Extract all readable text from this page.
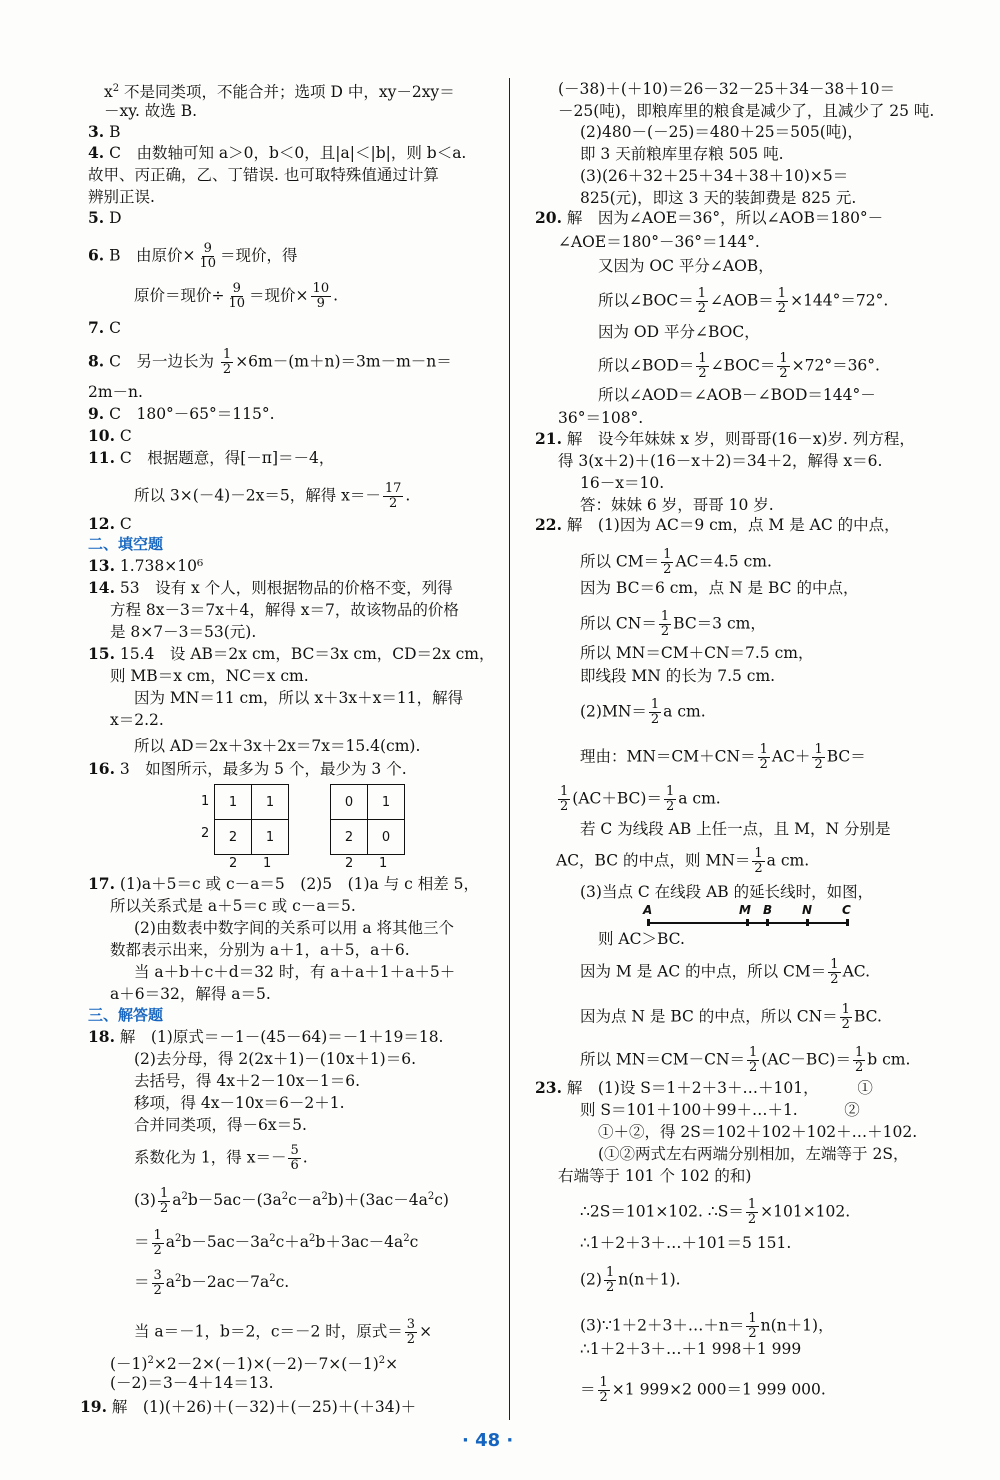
$x^2$ 不是同类项，不能合并；选项 D 中，xy－2xy＝
－xy. 故选 B.
3. B
4. C　由数轴可知 a＞0，b＜0，且|a|＜|b|，则 b＜a.
故甲、丙正确，乙、丁错误. 也可取特殊值通过计算
辨别正误.
5. D
6. B　由原价× $\frac{9}{10}$ ＝现价，得
原价＝现价÷ $\frac{9}{10}$ ＝现价× $\frac{10}{9}$ .
7. C
8. C　另一边长为 $\frac{1}{2} \times 6m-(m+n)=3m-m-n=$
2m－n.
9. C　180°－65°＝115°.
10. C
11. C　根据题意，得[－π]＝－4，
所以 3×(－4)－2x＝5，解得 $x=- \frac{17}{2}$ .
12. C
二、填空题
13. 1.738×10⁶
14. 53　设有 x 个人，则根据物品的价格不变，列得
方程 8x－3＝7x＋4，解得 x＝7，故该物品的价格
是 8×7－3＝53(元).
15. 15.4　设 AB＝2x cm，BC＝3x cm，CD＝2x cm，
则 MB＝x cm，NC＝x cm.
因为 MN＝11 cm，所以 x＋3x＋x＝11，解得
x＝2.2.
所以 AD＝2x＋3x＋2x＝7x＝15.4(cm).
16. 3　如图所示，最多为 5 个，最少为 3 个.
17. (1)a＋5＝c 或 c－a＝5　(2)5　(1)a 与 c 相差 5，
所以关系式是 a＋5＝c 或 c－a＝5.
(2)由数表中数字间的关系可以用 a 将其他三个
数都表示出来，分别为 a＋1，a＋5，a＋6.
当 a＋b＋c＋d＝32 时，有 a＋a＋1＋a＋5＋
a＋6＝32，解得 a＝5.
三、解答题
18. 解　(1)原式＝－1－(45－64)＝－1＋19＝18.
(2)去分母，得 2(2x＋1)－(10x＋1)＝6.
去括号，得 4x＋2－10x－1＝6.
移项，得 4x－10x＝6－2＋1.
合并同类项，得－6x＝5.
系数化为 1，得 $x=- \frac{5}{6}$ .
$(3) \frac{1}{2} a^2b-5ac-(3a^2c-a^2b)+(3ac-4a^2c)$
＝ $\frac{1}{2} a^2b-5ac-3a^2c+a^2b+3ac-4a^2c$
＝ $\frac{3}{2} a^2b-2ac-7a^2c$.
当 a＝－1，b＝2，c＝－2 时，原式＝ $\frac{3}{2}$ ×
$(-1)^2\times 2-2\times(-1)\times(-2)-7\times(-1)^2\times$
(－2)＝3－4＋14＝13.
19. 解　(1)(＋26)＋(－32)＋(－25)＋(＋34)＋
(－38)＋(＋10)＝26－32－25＋34－38＋10＝
－25(吨)，即粮库里的粮食是减少了，且减少了 25 吨.
(2)480－(－25)＝480＋25＝505(吨)，
即 3 天前粮库里存粮 505 吨.
(3)(26＋32＋25＋34＋38＋10)×5＝
825(元)，即这 3 天的装卸费是 825 元.
20. 解　因为∠AOE＝36°，所以∠AOB＝180°－
∠AOE＝180°－36°＝144°.
又因为 OC 平分∠AOB，
所以∠BOC＝ $\frac{1}{2}$ ∠AOB＝ $\frac{1}{2} \times 144^\circ=72^\circ$.
因为 OD 平分∠BOC，
所以∠BOD＝ $\frac{1}{2}$ ∠BOC＝ $\frac{1}{2} \times 72^\circ=36^\circ$.
所以∠AOD＝∠AOB－∠BOD＝144°－
36°＝108°.
21. 解　设今年妹妹 x 岁，则哥哥(16－x)岁. 列方程，
得 3(x＋2)＋(16－x＋2)＝34＋2，解得 x＝6.
16－x＝10.
答：妹妹 6 岁，哥哥 10 岁.
22. 解　(1)因为 AC＝9 cm，点 M 是 AC 的中点，
所以 $CM= \frac{1}{2} AC=4.5$ cm.
因为 BC＝6 cm，点 N 是 BC 的中点，
所以 $CN= \frac{1}{2} BC=3$ cm，
所以 MN＝CM＋CN＝7.5 cm，
即线段 MN 的长为 7.5 cm.
$(2)MN= \frac{1}{2}$ a cm.
理由：$MN=CM+CN= \frac{1}{2} AC+ \frac{1}{2} BC=$
$\frac{1}{2} (AC+BC)= \frac{1}{2}$ a cm.
若 C 为线段 AB 上任一点，且 M，N 分别是
AC，BC 的中点，则 $MN= \frac{1}{2}$ a cm.
(3)当点 C 在线段 AB 的延长线时，如图，
则 AC＞BC.
因为 M 是 AC 的中点，所以 $CM= \frac{1}{2}$ AC.
因为点 N 是 BC 的中点，所以 $CN= \frac{1}{2}$ BC.
所以 $MN=CM-CN= \frac{1}{2} (AC-BC)= \frac{1}{2}$ b cm.
23. 解　(1)设 S＝1＋2＋3＋…＋101，　　　①
则 S＝101＋100＋99＋…＋1.　　　②
①＋②，得 2S＝102＋102＋102＋…＋102.
(①②两式左右两端分别相加，左端等于 2S，
右端等于 101 个 102 的和)
∴2S＝101×102. ∴S＝ $\frac{1}{2} \times 101\times 102$.
∴1＋2＋3＋…＋101＝5 151.
$(2) \frac{1}{2} n(n+1)$.
(3)∵1＋2＋3＋…＋n＝ $\frac{1}{2} n(n+1)$，
∴1＋2＋3＋…＋1 998＋1 999
＝ $\frac{1}{2} \times 1$ 999×2 000＝1 999 000.
1
2
1	1
2	1
2 1
0	1
2	0
2 1
A	M B N C
· 48 ·
